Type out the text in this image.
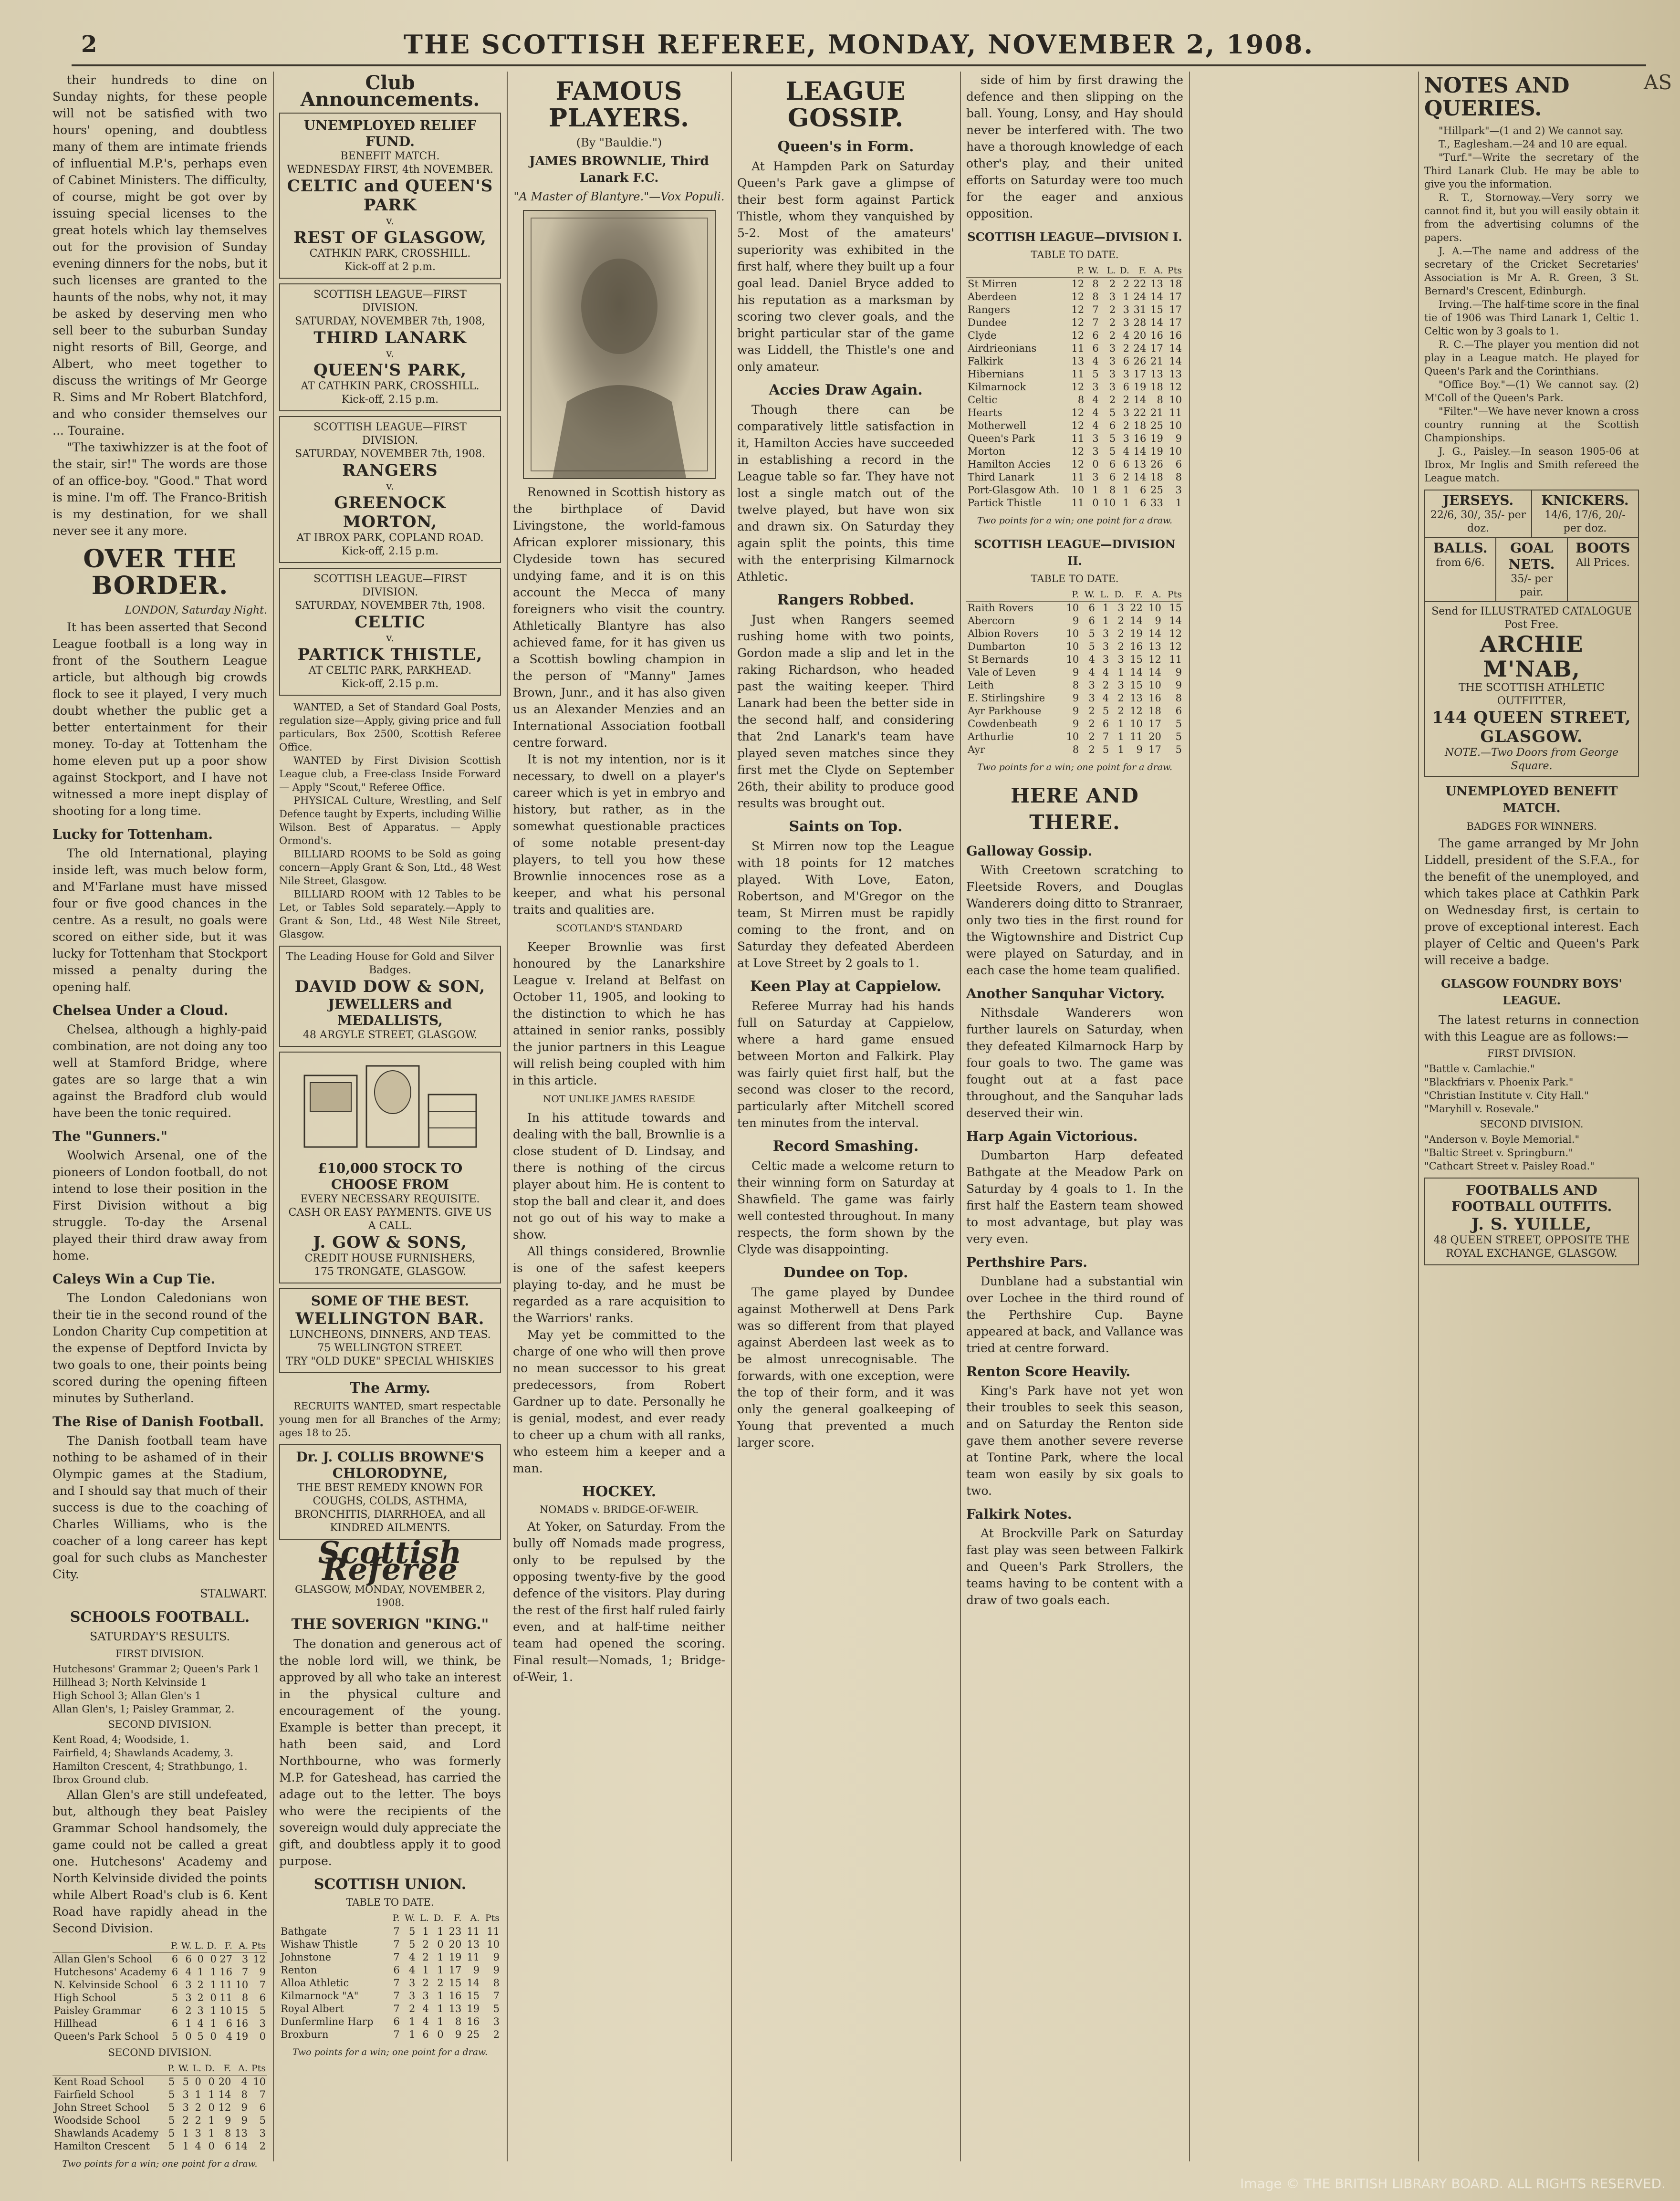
2	THE SCOTTISH REFEREE, MONDAY, NOVEMBER 2, 1908.

their hundreds to dine on Sunday nights, for these people will not be satisfied with two hours' opening, and doubtless many of them are intimate friends of influential M.P.'s, perhaps even of Cabinet Ministers. The difficulty, of course, might be got over by issuing special licenses to the great hotels which lay themselves out for the provision of Sunday evening dinners for the nobs, but it such licenses are granted to the haunts of the nobs, why not, it may be asked by deserving men who sell beer to the suburban Sunday night resorts of Bill, George, and Albert, who meet together to discuss the writings of Mr George R. Sims and Mr Robert Blatchford, and who consider themselves our ... Touraine.

"The taxiwhizzer is at the foot of the stair, sir!" The words are those of an office-boy. "Good." That word is mine. I'm off. The Franco-British is my destination, for we shall never see it any more.

OVER THE BORDER.
LONDON, Saturday Night.

It has been asserted that Second League football is a long way in front of the Southern League article, but although big crowds flock to see it played, I very much doubt whether the public get a better entertainment for their money. To-day at Tottenham the home eleven put up a poor show against Stockport, and I have not witnessed a more inept display of shooting for a long time.

Lucky for Tottenham.

The old International, playing inside left, was much below form, and M'Farlane must have missed four or five good chances in the centre. As a result, no goals were scored on either side, but it was lucky for Tottenham that Stockport missed a penalty during the opening half.

Chelsea Under a Cloud.

Chelsea, although a highly-paid combination, are not doing any too well at Stamford Bridge, where gates are so large that a win against the Bradford club would have been the tonic required.

The "Gunners."

Woolwich Arsenal, one of the pioneers of London football, do not intend to lose their position in the First Division without a big struggle. To-day the Arsenal played their third draw away from home.

Caleys Win a Cup Tie.

The London Caledonians won their tie in the second round of the London Charity Cup competition at the expense of Deptford Invicta by two goals to one, their points being scored during the opening fifteen minutes by Sutherland.

The Rise of Danish Football.

The Danish football team have nothing to be ashamed of in their Olympic games at the Stadium, and I should say that much of their success is due to the coaching of Charles Williams, who is the coacher of a long career has kept goal for such clubs as Manchester City.

STALWART.
SCHOOLS FOOTBALL.
SATURDAY'S RESULTS.
FIRST DIVISION.

Hutchesons' Grammar 2; Queen's Park 1

Hillhead 3; North Kelvinside 1

High School 3; Allan Glen's 1

Allan Glen's, 1; Paisley Grammar, 2.

SECOND DIVISION.

Kent Road, 4; Woodside, 1.

Fairfield, 4; Shawlands Academy, 3.

Hamilton Crescent, 4; Strathbungo, 1.

Ibrox Ground club.

Allan Glen's are still undefeated, but, although they beat Paisley Grammar School handsomely, the game could not be called a great one. Hutchesons' Academy and North Kelvinside divided the points while Albert Road's club is 6. Kent Road have rapidly ahead in the Second Division.

	P.	W.	L.	D.	F.	A.	Pts
Allan Glen's School	6	6	0	0	27	3	12
Hutchesons' Academy	6	4	1	1	16	7	9
N. Kelvinside School	6	3	2	1	11	10	7
High School	5	3	2	0	11	8	6
Paisley Grammar	6	2	3	1	10	15	5
Hillhead	6	1	4	1	6	16	3
Queen's Park School	5	0	5	0	4	19	0
SECOND DIVISION.
	P.	W.	L.	D.	F.	A.	Pts
Kent Road School	5	5	0	0	20	4	10
Fairfield School	5	3	1	1	14	8	7
John Street School	5	3	2	0	12	9	6
Woodside School	5	2	2	1	9	9	5
Shawlands Academy	5	1	3	1	8	13	3
Hamilton Crescent	5	1	4	0	6	14	2
Two points for a win; one point for a draw.
Club Announcements.
UNEMPLOYED RELIEF FUND.
BENEFIT MATCH.
WEDNESDAY FIRST, 4th NOVEMBER.
CELTIC and QUEEN'S PARK
v.
REST OF GLASGOW,
CATHKIN PARK, CROSSHILL.
Kick-off at 2 p.m.
SCOTTISH LEAGUE—FIRST DIVISION.
SATURDAY, NOVEMBER 7th, 1908,
THIRD LANARK
v.
QUEEN'S PARK,
AT CATHKIN PARK, CROSSHILL.
Kick-off, 2.15 p.m.
SCOTTISH LEAGUE—FIRST DIVISION.
SATURDAY, NOVEMBER 7th, 1908.
RANGERS
v.
GREENOCK MORTON,
AT IBROX PARK, COPLAND ROAD.
Kick-off, 2.15 p.m.
SCOTTISH LEAGUE—FIRST DIVISION.
SATURDAY, NOVEMBER 7th, 1908.
CELTIC
v.
PARTICK THISTLE,
AT CELTIC PARK, PARKHEAD.
Kick-off, 2.15 p.m.

WANTED, a Set of Standard Goal Posts, regulation size—Apply, giving price and full particulars, Box 2500, Scottish Referee Office.

WANTED by First Division Scottish League club, a Free-class Inside Forward — Apply "Scout," Referee Office.

PHYSICAL Culture, Wrestling, and Self Defence taught by Experts, including Willie Wilson. Best of Apparatus. — Apply Ormond's.

BILLIARD ROOMS to be Sold as going concern—Apply Grant & Son, Ltd., 48 West Nile Street, Glasgow.

BILLIARD ROOM with 12 Tables to be Let, or Tables Sold separately.—Apply to Grant & Son, Ltd., 48 West Nile Street, Glasgow.

The Leading House for Gold and Silver Badges.
DAVID DOW & SON,
JEWELLERS and MEDALLISTS,
48 ARGYLE STREET, GLASGOW.
£10,000 STOCK TO CHOOSE FROM
EVERY NECESSARY REQUISITE.
CASH OR EASY PAYMENTS. GIVE US A CALL.
J. GOW & SONS,
CREDIT HOUSE FURNISHERS,
175 TRONGATE, GLASGOW.
SOME OF THE BEST.
WELLINGTON BAR.
LUNCHEONS, DINNERS, AND TEAS.
75 WELLINGTON STREET.
TRY "OLD DUKE" SPECIAL WHISKIES
The Army.

RECRUITS WANTED, smart respectable young men for all Branches of the Army; ages 18 to 25.

Dr. J. COLLIS BROWNE'S CHLORODYNE,
THE BEST REMEDY KNOWN FOR COUGHS, COLDS, ASTHMA, BRONCHITIS, DIARRHOEA, and all KINDRED AILMENTS.
Scottish Referee
GLASGOW, MONDAY, NOVEMBER 2, 1908.
THE SOVERIGN "KING."

The donation and generous act of the noble lord will, we think, be approved by all who take an interest in the physical culture and encouragement of the young. Example is better than precept, it hath been said, and Lord Northbourne, who was formerly M.P. for Gateshead, has carried the adage out to the letter. The boys who were the recipients of the sovereign would duly appreciate the gift, and doubtless apply it to good purpose.

SCOTTISH UNION.
TABLE TO DATE.
	P.	W.	L.	D.	F.	A.	Pts
Bathgate	7	5	1	1	23	11	11
Wishaw Thistle	7	5	2	0	20	13	10
Johnstone	7	4	2	1	19	11	9
Renton	6	4	1	1	17	9	9
Alloa Athletic	7	3	2	2	15	14	8
Kilmarnock "A"	7	3	3	1	16	15	7
Royal Albert	7	2	4	1	13	19	5
Dunfermline Harp	6	1	4	1	8	16	3
Broxburn	7	1	6	0	9	25	2
Two points for a win; one point for a draw.
FAMOUS PLAYERS.
(By "Bauldie.")
JAMES BROWNLIE, Third Lanark F.C.
"A Master of Blantyre."—Vox Populi.

Renowned in Scottish history as the birthplace of David Livingstone, the world-famous African explorer missionary, this Clydeside town has secured undying fame, and it is on this account the Mecca of many foreigners who visit the country. Athletically Blantyre has also achieved fame, for it has given us a Scottish bowling champion in the person of "Manny" James Brown, Junr., and it has also given us an Alexander Menzies and an International Association football centre forward.

It is not my intention, nor is it necessary, to dwell on a player's career which is yet in embryo and history, but rather, as in the somewhat questionable practices of some notable present-day players, to tell you how these Brownlie innocences rose as a keeper, and what his personal traits and qualities are.

SCOTLAND'S STANDARD

Keeper Brownlie was first honoured by the Lanarkshire League v. Ireland at Belfast on October 11, 1905, and looking to the distinction to which he has attained in senior ranks, possibly the junior partners in this League will relish being coupled with him in this article.

NOT UNLIKE JAMES RAESIDE

In his attitude towards and dealing with the ball, Brownlie is a close student of D. Lindsay, and there is nothing of the circus player about him. He is content to stop the ball and clear it, and does not go out of his way to make a show.

All things considered, Brownlie is one of the safest keepers playing to-day, and he must be regarded as a rare acquisition to the Warriors' ranks.

May yet be committed to the charge of one who will then prove no mean successor to his great predecessors, from Robert Gardner up to date. Personally he is genial, modest, and ever ready to cheer up a chum with all ranks, who esteem him a keeper and a man.

HOCKEY.
NOMADS v. BRIDGE-OF-WEIR.

At Yoker, on Saturday. From the bully off Nomads made progress, only to be repulsed by the opposing twenty-five by the good defence of the visitors. Play during the rest of the first half ruled fairly even, and at half-time neither team had opened the scoring. Final result—Nomads, 1; Bridge-of-Weir, 1.

LEAGUE GOSSIP.
Queen's in Form.

At Hampden Park on Saturday Queen's Park gave a glimpse of their best form against Partick Thistle, whom they vanquished by 5-2. Most of the amateurs' superiority was exhibited in the first half, where they built up a four goal lead. Daniel Bryce added to his reputation as a marksman by scoring two clever goals, and the bright particular star of the game was Liddell, the Thistle's one and only amateur.

Accies Draw Again.

Though there can be comparatively little satisfaction in it, Hamilton Accies have succeeded in establishing a record in the League table so far. They have not lost a single match out of the twelve played, but have won six and drawn six. On Saturday they again split the points, this time with the enterprising Kilmarnock Athletic.

Rangers Robbed.

Just when Rangers seemed rushing home with two points, Gordon made a slip and let in the raking Richardson, who headed past the waiting keeper. Third Lanark had been the better side in the second half, and considering that 2nd Lanark's team have played seven matches since they first met the Clyde on September 26th, their ability to produce good results was brought out.

Saints on Top.

St Mirren now top the League with 18 points for 12 matches played. With Love, Eaton, Robertson, and M'Gregor on the team, St Mirren must be rapidly coming to the front, and on Saturday they defeated Aberdeen at Love Street by 2 goals to 1.

Keen Play at Cappielow.

Referee Murray had his hands full on Saturday at Cappielow, where a hard game ensued between Morton and Falkirk. Play was fairly quiet first half, but the second was closer to the record, particularly after Mitchell scored ten minutes from the interval.

Record Smashing.

Celtic made a welcome return to their winning form on Saturday at Shawfield. The game was fairly well contested throughout. In many respects, the form shown by the Clyde was disappointing.

Dundee on Top.

The game played by Dundee against Motherwell at Dens Park was so different from that played against Aberdeen last week as to be almost unrecognisable. The forwards, with one exception, were the top of their form, and it was only the general goalkeeping of Young that prevented a much larger score.

side of him by first drawing the defence and then slipping on the ball. Young, Lonsy, and Hay should never be interfered with. The two have a thorough knowledge of each other's play, and their united efforts on Saturday were too much for the eager and anxious opposition.

SCOTTISH LEAGUE—DIVISION I.
TABLE TO DATE.
	P.	W.	L.	D.	F.	A.	Pts
St Mirren	12	8	2	2	22	13	18
Aberdeen	12	8	3	1	24	14	17
Rangers	12	7	2	3	31	15	17
Dundee	12	7	2	3	28	14	17
Clyde	12	6	2	4	20	16	16
Airdrieonians	11	6	3	2	24	17	14
Falkirk	13	4	3	6	26	21	14
Hibernians	11	5	3	3	17	13	13
Kilmarnock	12	3	3	6	19	18	12
Celtic	8	4	2	2	14	8	10
Hearts	12	4	5	3	22	21	11
Motherwell	12	4	6	2	18	25	10
Queen's Park	11	3	5	3	16	19	9
Morton	12	3	5	4	14	19	10
Hamilton Accies	12	0	6	6	13	26	6
Third Lanark	11	3	6	2	14	18	8
Port-Glasgow Ath.	10	1	8	1	6	25	3
Partick Thistle	11	0	10	1	6	33	1
Two points for a win; one point for a draw.
SCOTTISH LEAGUE—DIVISION II.
TABLE TO DATE.
	P.	W.	L.	D.	F.	A.	Pts
Raith Rovers	10	6	1	3	22	10	15
Abercorn	9	6	1	2	14	9	14
Albion Rovers	10	5	3	2	19	14	12
Dumbarton	10	5	3	2	16	13	12
St Bernards	10	4	3	3	15	12	11
Vale of Leven	9	4	4	1	14	14	9
Leith	8	3	2	3	15	10	9
E. Stirlingshire	9	3	4	2	13	16	8
Ayr Parkhouse	9	2	5	2	12	18	6
Cowdenbeath	9	2	6	1	10	17	5
Arthurlie	10	2	7	1	11	20	5
Ayr	8	2	5	1	9	17	5
Two points for a win; one point for a draw.
HERE AND THERE.
Galloway Gossip.

With Creetown scratching to Fleetside Rovers, and Douglas Wanderers doing ditto to Stranraer, only two ties in the first round for the Wigtownshire and District Cup were played on Saturday, and in each case the home team qualified.

Another Sanquhar Victory.

Nithsdale Wanderers won further laurels on Saturday, when they defeated Kilmarnock Harp by four goals to two. The game was fought out at a fast pace throughout, and the Sanquhar lads deserved their win.

Harp Again Victorious.

Dumbarton Harp defeated Bathgate at the Meadow Park on Saturday by 4 goals to 1. In the first half the Eastern team showed to most advantage, but play was very even.

Perthshire Pars.

Dunblane had a substantial win over Lochee in the third round of the Perthshire Cup. Bayne appeared at back, and Vallance was tried at centre forward.

Renton Score Heavily.

King's Park have not yet won their troubles to seek this season, and on Saturday the Renton side gave them another severe reverse at Tontine Park, where the local team won easily by six goals to two.

Falkirk Notes.

At Brockville Park on Saturday fast play was seen between Falkirk and Queen's Park Strollers, the teams having to be content with a draw of two goals each.

NOTES AND QUERIES.

"Hillpark"—(1 and 2) We cannot say.

T., Eaglesham.—24 and 10 are equal.

"Turf."—Write the secretary of the Third Lanark Club. He may be able to give you the information.

R. T., Stornoway.—Very sorry we cannot find it, but you will easily obtain it from the advertising columns of the papers.

J. A.—The name and address of the secretary of the Cricket Secretaries' Association is Mr A. R. Green, 3 St. Bernard's Crescent, Edinburgh.

Irving.—The half-time score in the final tie of 1906 was Third Lanark 1, Celtic 1. Celtic won by 3 goals to 1.

R. C.—The player you mention did not play in a League match. He played for Queen's Park and the Corinthians.

"Office Boy."—(1) We cannot say. (2) M'Coll of the Queen's Park.

"Filter."—We have never known a cross country running at the Scottish Championships.

J. G., Paisley.—In season 1905-06 at Ibrox, Mr Inglis and Smith refereed the League match.

JERSEYS.
22/6, 30/, 35/- per doz.
KNICKERS.
14/6, 17/6, 20/- per doz.
BALLS.
from 6/6.
GOAL NETS.
35/- per pair.
BOOTS
All Prices.
Send for ILLUSTRATED CATALOGUE Post Free.
ARCHIE M'NAB,
THE SCOTTISH ATHLETIC OUTFITTER,
144 QUEEN STREET, GLASGOW.
NOTE.—Two Doors from George Square.
UNEMPLOYED BENEFIT MATCH.
BADGES FOR WINNERS.

The game arranged by Mr John Liddell, president of the S.F.A., for the benefit of the unemployed, and which takes place at Cathkin Park on Wednesday first, is certain to prove of exceptional interest. Each player of Celtic and Queen's Park will receive a badge.

GLASGOW FOUNDRY BOYS' LEAGUE.

The latest returns in connection with this League are as follows:—

FIRST DIVISION.

"Battle v. Camlachie."

"Blackfriars v. Phoenix Park."

"Christian Institute v. City Hall."

"Maryhill v. Rosevale."

SECOND DIVISION.

"Anderson v. Boyle Memorial."

"Baltic Street v. Springburn."

"Cathcart Street v. Paisley Road."

FOOTBALLS AND FOOTBALL OUTFITS.
J. S. YUILLE,
48 QUEEN STREET, OPPOSITE THE ROYAL EXCHANGE, GLASGOW.
AS
Image © THE BRITISH LIBRARY BOARD. ALL RIGHTS RESERVED.
